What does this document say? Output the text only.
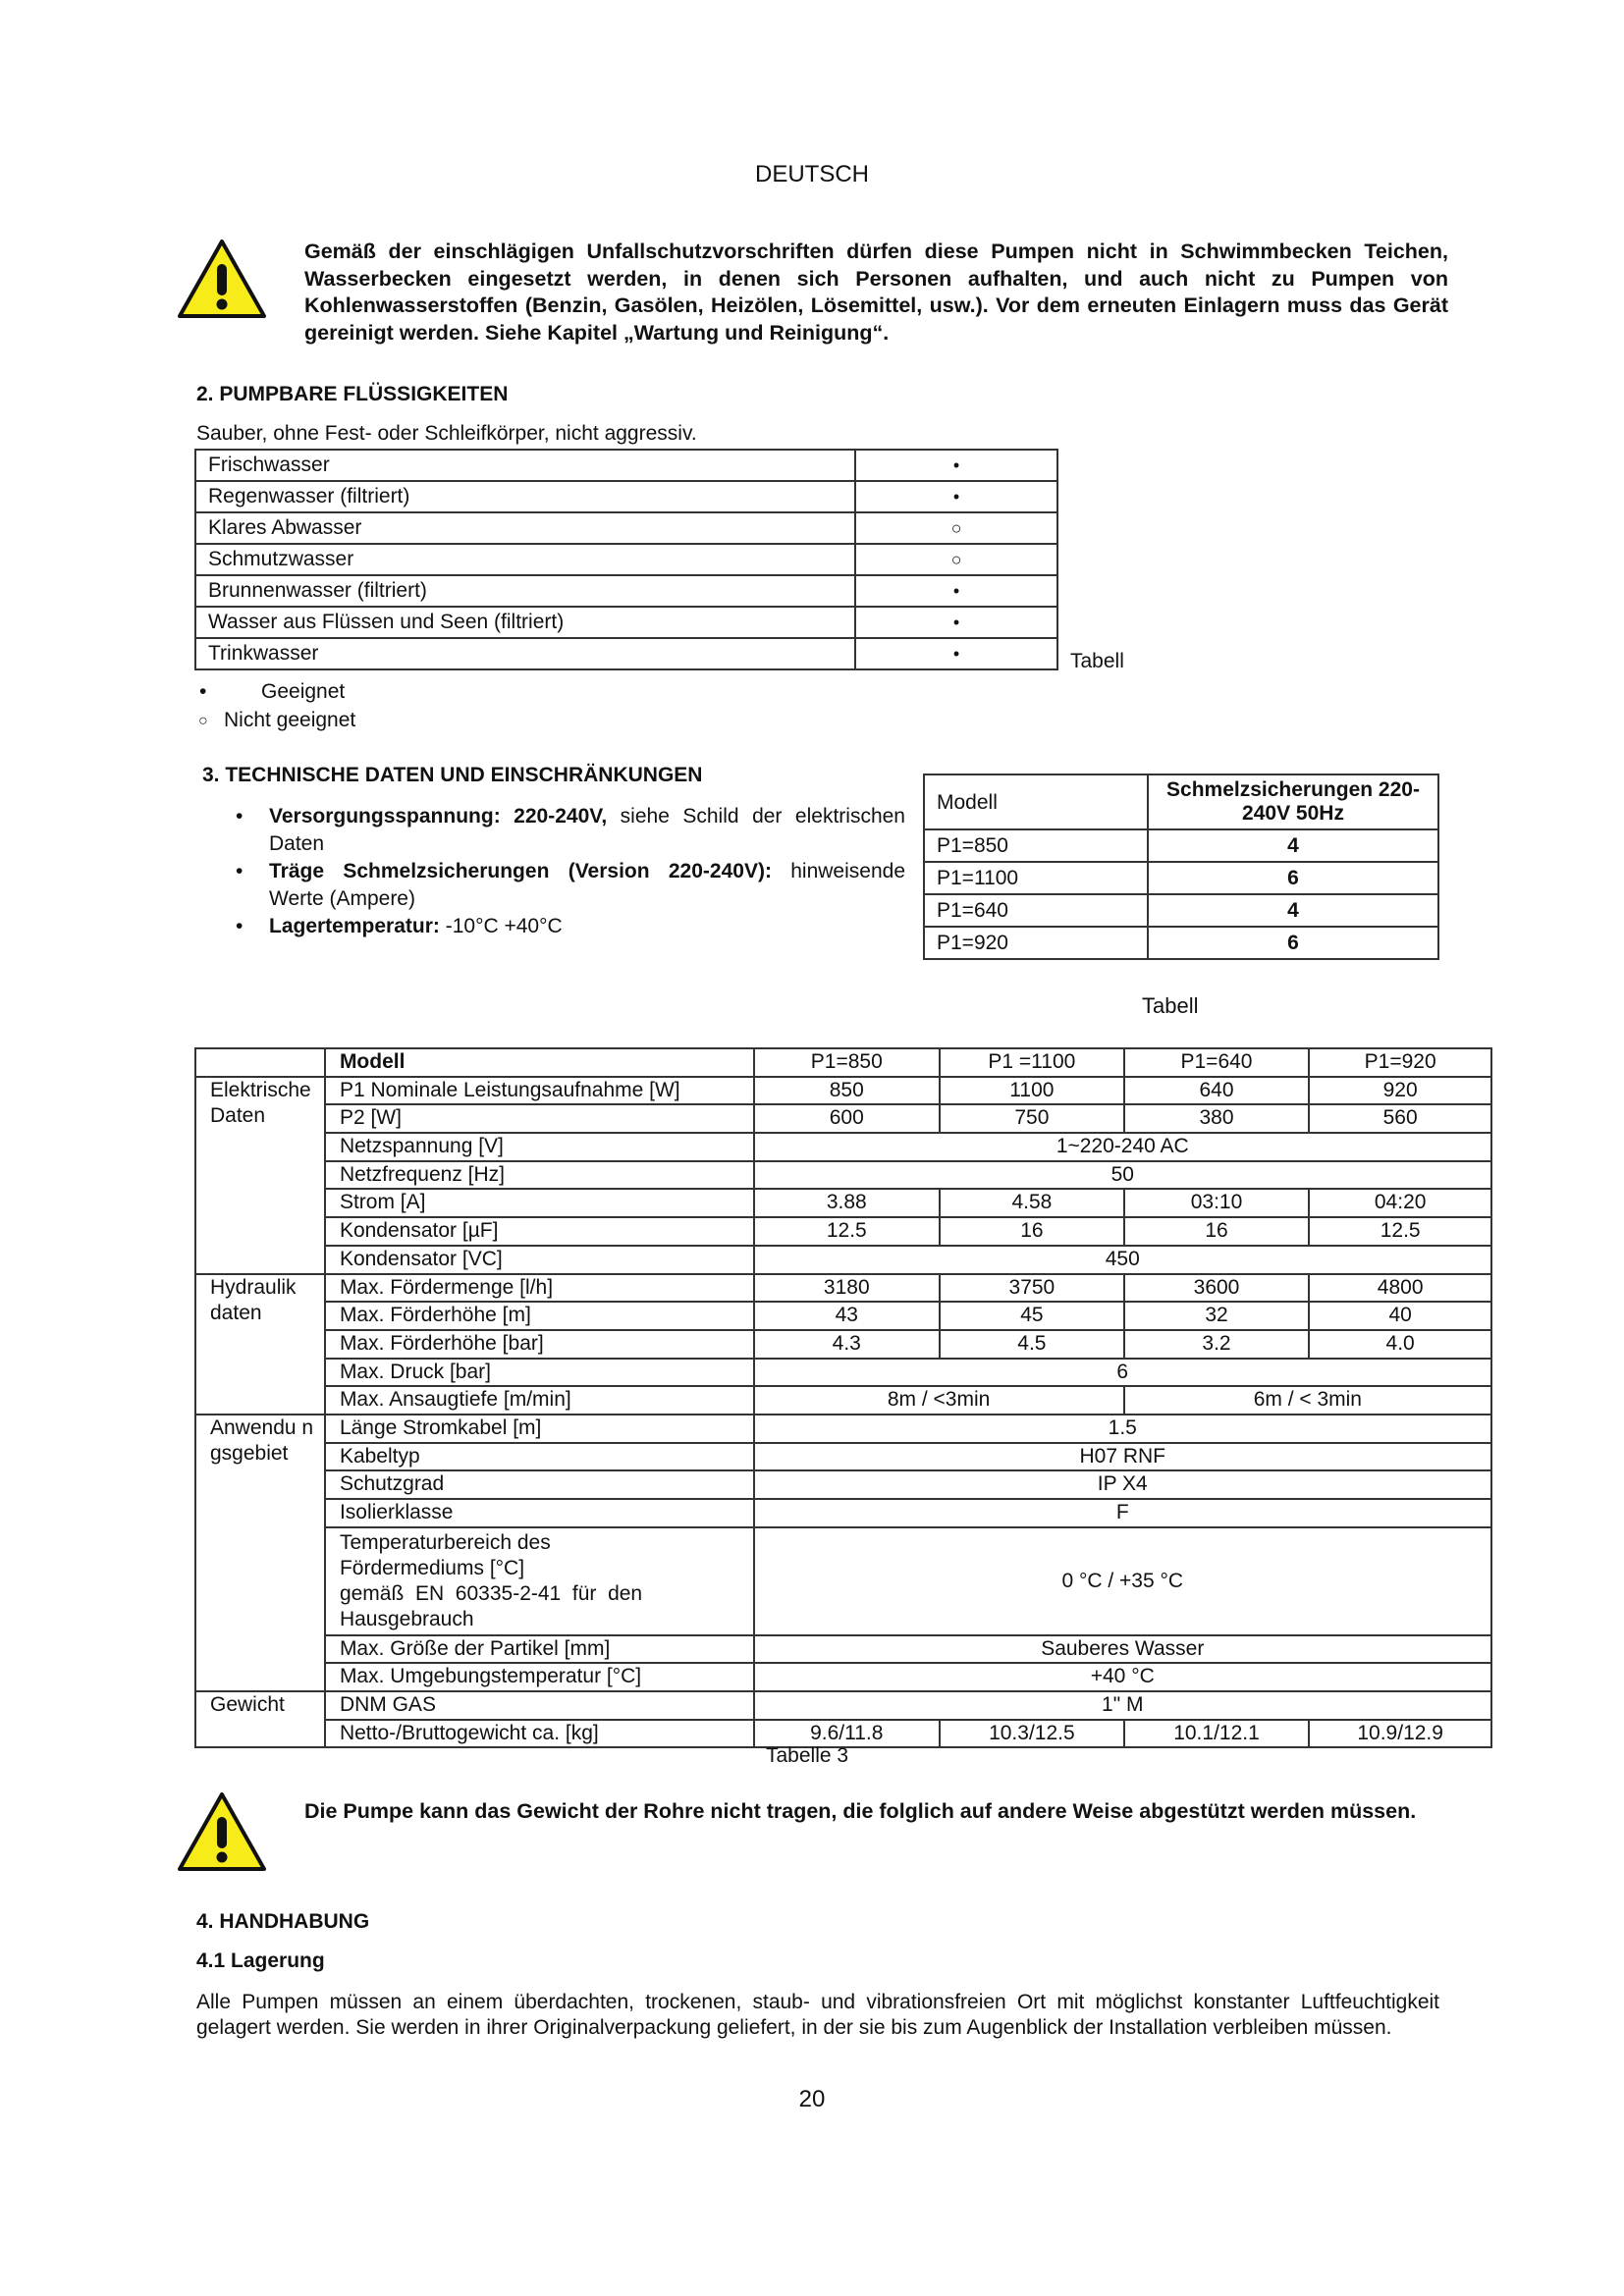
DEUTSCH
Gemäß der einschlägigen Unfallschutzvorschriften dürfen diese Pumpen nicht in Schwimmbecken Teichen, Wasserbecken eingesetzt werden, in denen sich Personen aufhalten, und auch nicht zu Pumpen von Kohlenwasserstoffen (Benzin, Gasölen, Heizölen, Lösemittel, usw.). Vor dem erneuten Einlagern muss das Gerät gereinigt werden. Siehe Kapitel „Wartung und Reinigung“.
2. PUMPBARE FLÜSSIGKEITEN
Sauber, ohne Fest- oder Schleifkörper, nicht aggressiv.
Frischwasser	•
Regenwasser (filtriert)	•
Klares Abwasser	○
Schmutzwasser	○
Brunnenwasser (filtriert)	•
Wasser aus Flüssen und Seen (filtriert)	•
Trinkwasser	•	Tabell
•	Geeignet
○ Nicht geeignet
3. TECHNISCHE DATEN UND EINSCHRÄNKUNGEN
• Versorgungsspannung: 220-240V, siehe Schild der elektrischen Daten
• Träge Schmelzsicherungen (Version 220-240V): hinweisende Werte (Ampere)
• Lagertemperatur: -10°C +40°C
Modell	Schmelzsicherungen 220-240V 50Hz
P1=850	4
P1=1100	6
P1=640	4
P1=920	6
Tabell
	Modell	P1=850	P1 =1100	P1=640	P1=920
Elektrische Daten	P1 Nominale Leistungsaufnahme [W]	850	1100	640	920
	P2 [W]	600	750	380	560
	Netzspannung [V]	1~220-240 AC			
	Netzfrequenz [Hz]	50			
	Strom [A]	3.88	4.58	03:10	04:20
	Kondensator [µF]	12.5	16	16	12.5
	Kondensator [VC]	450			
Hydraulik daten	Max. Fördermenge [l/h]	3180	3750	3600	4800
	Max. Förderhöhe [m]	43	45	32	40
	Max. Förderhöhe [bar]	4.3	4.5	3.2	4.0
	Max. Druck [bar]	6			
	Max. Ansaugtiefe [m/min]	8m / <3min		6m / < 3min	
Anwendu ngsgebiet	Länge Stromkabel [m]	1.5			
	Kabeltyp	H07 RNF			
	Schutzgrad	IP X4			
	Isolierklasse	F			

	Temperaturbereich des
Fördermediums [°C]
gemäß  EN  60335-2-41  für  den
Hausgebrauch	0 °C / +35 °C			
	Max. Größe der Partikel [mm]	Sauberes Wasser			
	Max. Umgebungstemperatur [°C]	+40 °C			
Gewicht	DNM GAS	1" M			
	Netto-/Bruttogewicht ca. [kg]	9.6/11.8	10.3/12.5	10.1/12.1	10.9/12.9
Tabelle 3
Die Pumpe kann das Gewicht der Rohre nicht tragen, die folglich auf andere Weise abgestützt werden müssen.
4. HANDHABUNG
4.1 Lagerung
Alle Pumpen müssen an einem überdachten, trockenen, staub- und vibrationsfreien Ort mit möglichst konstanter Luftfeuchtigkeit gelagert werden. Sie werden in ihrer Originalverpackung geliefert, in der sie bis zum Augenblick der Installation verbleiben müssen.
20
